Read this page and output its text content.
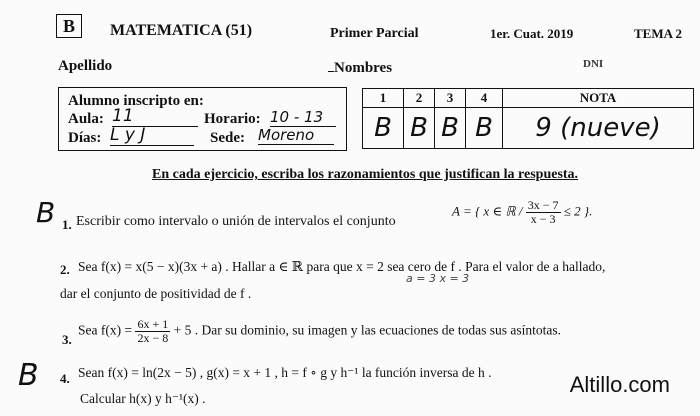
B	MATEMATICA (51)	Primer Parcial	1er. Cuat. 2019	TEMA 2
Apellido	Nombres	DNI
Alumno inscripto en:
Aula: 11	Horario: 10 - 13
Días: L y J	Sede: Moreno
1	2	3	4	NOTA
B	B	B	B	9 (nueve)
En cada ejercicio, escriba los razonamientos que justifican la respuesta.
B 1. Escribir como intervalo o unión de intervalos el conjunto
A = { x ∈ ℝ / $\frac{3x - 7}{x - 3} \le 2$ }.
2. Sea f(x) = x(5 − x)(3x + a) . Hallar a ∈ ℝ para que x = 2 sea cero de f . Para el valor de a hallado,
a = 3 x = 3
dar el conjunto de positividad de f .
3.
Sea $f(x) = \frac{6x + 1}{2x - 8} + 5$ . Dar su dominio, su imagen y las ecuaciones de todas sus asíntotas.
B 4. Sean f(x) = ln(2x − 5) , g(x) = x + 1 , h = f ∘ g y h⁻¹ la función inversa de h .
Calcular h(x) y h⁻¹(x) .
Altillo.com
